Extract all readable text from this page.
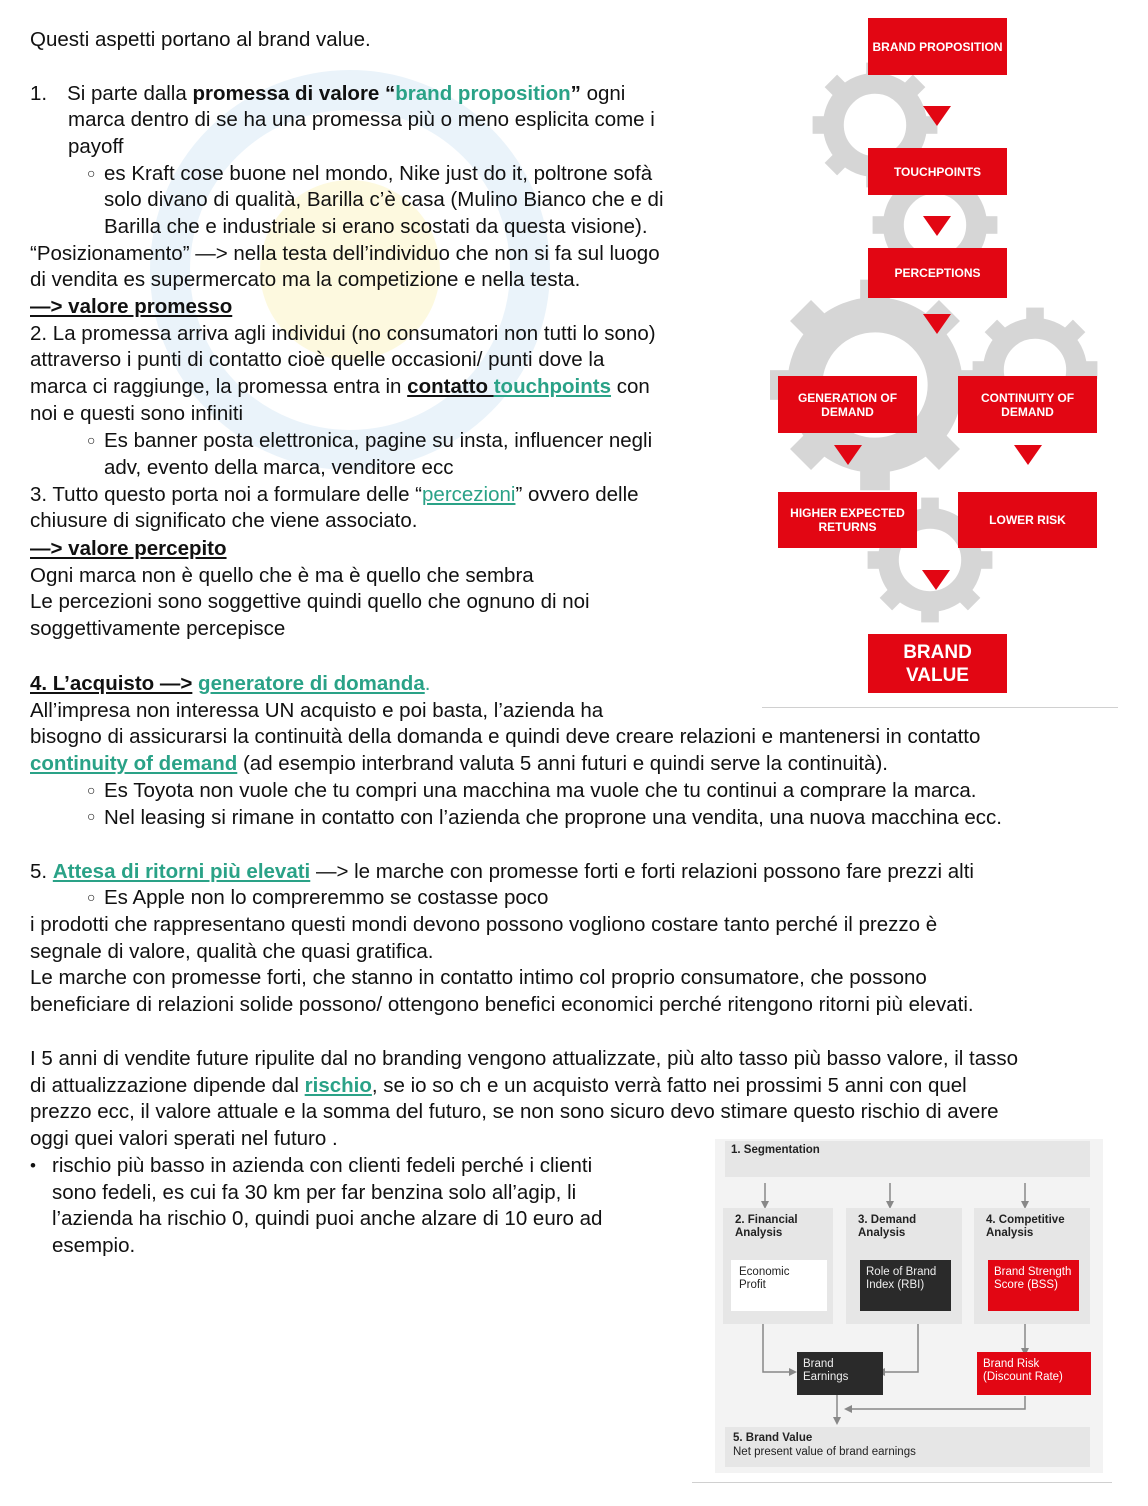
Questi aspetti portano al brand value.
1. Si parte dalla promessa di valore “brand proposition” ogni
marca dentro di se ha una promessa più o meno esplicita come i
payoff
○ es Kraft cose buone nel mondo, Nike just do it, poltrone sofà
solo divano di qualità, Barilla c’è casa (Mulino Bianco che e di
Barilla che e industriale si erano scostati da questa visione).
“Posizionamento” —> nella testa dell’individuo che non si fa sul luogo
di vendita es supermercato ma la competizione e nella testa.
—> valore promesso
2. La promessa arriva agli individui (no consumatori non tutti lo sono)
attraverso i punti di contatto cioè quelle occasioni/ punti dove la
marca ci raggiunge, la promessa entra in contatto touchpoints con
noi e questi sono infiniti
○ Es banner posta elettronica, pagine su insta, influencer negli
adv, evento della marca, venditore ecc
3. Tutto questo porta noi a formulare delle “percezioni” ovvero delle
chiusure di significato che viene associato.
—> valore percepito
Ogni marca non è quello che è ma è quello che sembra
Le percezioni sono soggettive quindi quello che ognuno di noi
soggettivamente percepisce
4. L’acquisto —> generatore di domanda.
All’impresa non interessa UN acquisto e poi basta, l’azienda ha
bisogno di assicurarsi la continuità della domanda e quindi deve creare relazioni e mantenersi in contatto
continuity of demand (ad esempio interbrand valuta 5 anni futuri e quindi serve la continuità).
○ Es Toyota non vuole che tu compri una macchina ma vuole che tu continui a comprare la marca.
○ Nel leasing si rimane in contatto con l’azienda che proprone una vendita, una nuova macchina ecc.
5. Attesa di ritorni più elevati —> le marche con promesse forti e forti relazioni possono fare prezzi alti
○ Es Apple non lo compreremmo se costasse poco
i prodotti che rappresentano questi mondi devono possono vogliono costare tanto perché il prezzo è
segnale di valore, qualità che quasi gratifica.
Le marche con promesse forti, che stanno in contatto intimo col proprio consumatore, che possono
beneficiare di relazioni solide possono/ ottengono benefici economici perché ritengono ritorni più elevati.
I 5 anni di vendite future ripulite dal no branding vengono attualizzate, più alto tasso più basso valore, il tasso
di attualizzazione dipende dal rischio, se io so ch e un acquisto verrà fatto nei prossimi 5 anni con quel
prezzo ecc, il valore attuale e la somma del futuro, se non sono sicuro devo stimare questo rischio di avere
oggi quei valori sperati nel futuro .
• rischio più basso in azienda con clienti fedeli perché i clienti
sono fedeli, es cui fa 30 km per far benzina solo all’agip, li
l’azienda ha rischio 0, quindi puoi anche alzare di 10 euro ad
esempio.
BRAND PROPOSITION
TOUCHPOINTS
PERCEPTIONS
GENERATION OF DEMAND
CONTINUITY OF DEMAND
HIGHER EXPECTED RETURNS	LOWER RISK
BRAND VALUE
1. Segmentation
2. Financial Analysis
3. Demand Analysis
4. Competitive Analysis
Economic Profit
Role of Brand Index (RBI)
Brand Strength Score (BSS)
Brand Earnings
Brand Risk (Discount Rate)
5. Brand Value
Net present value of brand earnings
